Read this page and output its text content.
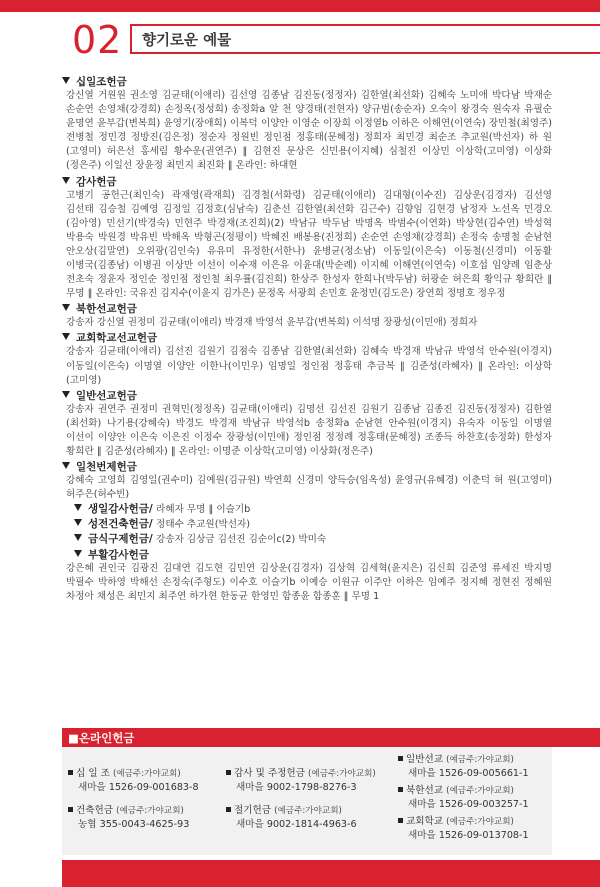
02 향기로운 예물
십일조헌금
강신열 거원원 권소영 김균태(이애리) 김선영 김종남 김진동(정정자) 김한열(최선화) 김혜숙 노미애 박다남 박재순 손순연 손영채(강경희) 손정옥(정성희) 송정화a 알 천 양경태(전현자) 양규범(송순자) 오숙이 왕경숙 원숙자 유필순 윤명연 윤부갑(변복희) 윤영기(장애희) 이복덕 이양안 이영순 이장희 이정열b 이하은 이해연(이연숙) 장민철(최영주) 전병철 정민경 정방진(김은정) 정순자 정원빈 정인점 정홍태(문혜정) 정희자 최민경 최순조 추교원(박선자) 하 원(고영미) 허은선 홍세림 황수운(권연주) ‖ 김현진 문상은 신민용(이지혜) 심철진 이상민 이상학(고미영) 이상화(정은주) 이일선 장윤정 최민지 최진화 ‖ 온라인: 하대현
감사헌금
고병기 공헌근(최인숙) 곽재영(곽재희) 김경철(서화령) 김균태(이애리) 김대형(이수진) 김상운(김경자) 김선영 김선태 김승철 김예영 김정일 김정호(심남숙) 김춘선 김한열(최선화 김근수) 김향임 김현경 남정자 노선옥 민경오(김아영) 민선기(박경숙) 민현주 박경재(조진희)(2) 박남규 박두남 박명옥 박범수(이연화) 박상현(김수연) 박성혁 박용숙 박원경 박유빈 박해옥 박형곤(정평이) 박혜진 배봉용(진정희) 손순연 손영채(강경희) 손정숙 송명철 순남현 안오상(김말연) 오위광(김인숙) 유유미 유정한(서한나) 윤병균(정소남) 이동일(이은숙) 이동철(신경미) 이동활 이병국(김종남) 이병권 이상만 이선이 이수재 이은유 이윤대(박순례) 이지혜 이해연(이연숙) 이호섭 임양례 임춘상 전초숙 정윤자 정인순 정인점 정인철 최우률(김진희) 한상주 한성자 한희나(박두남) 허광순 허은희 황익규 황희란 ‖ 무명 ‖ 온라인: 국유진 김지수(이윤지 김가은) 문정옥 서광희 손민호 윤정민(김도은) 장연희 정명호 정우정
북한선교헌금
강송자 강신열 권정미 김균태(이애리) 박경재 박영석 윤부갑(변복희) 이석명 장광성(이민애) 정희자
교회학교선교헌금
강송자 김균태(이애리) 김선진 김원기 김점숙 김종남 김한열(최선화) 김혜숙 박경재 박남규 박영석 안수원(이경지) 이동일(이은숙) 이명열 이양안 이한나(이민우) 임명일 정인점 정홍태 추금복 ‖ 김준성(라혜자) ‖ 온라인: 이상학(고미영)
일반선교헌금
강송자 권연주 권정미 권혁민(정정옥) 김균태(이애리) 김명선 김선진 김원기 김종남 김종진 김진동(정정자) 김한열(최선화) 나기용(강혜숙) 박경도 박경재 박남규 박영석b 송정화a 순남현 안수원(이경지) 유숙자 이동일 이명열 이선이 이양안 이은숙 이은진 이정수 장광성(이민애) 정인점 정정례 정홍태(문혜정) 조종득 하찬호(송정화) 한성자 황희란 ‖ 김준성(라혜자) ‖ 온라인: 이명준 이상학(고미영) 이상화(정은주)
일천번제헌금
강혜숙 고영희 김영일(권수미) 김예원(김규원) 박연희 신경미 양득승(임옥성) 윤영규(유혜경) 이춘덕 허 원(고영미) 허주은(허수빈)
생일감사헌금/ 라혜자 무명 ‖ 이슬기b
성전건축헌금/ 정태수 추교원(박선자)
금식구제헌금/ 강송자 김상금 김선진 김순이c(2) 박미숙
부활감사헌금
강은혜 권인국 김광진 김대연 김도현 김민연 김상운(김경자) 김상혁 김세혁(윤지은) 김신희 김준영 류세진 박지명 박필수 박하영 박해선 손정숙(주형도) 이수호 이슬기b 이예승 이원규 이주안 이하은 임예주 정지혜 정현진 정혜원 차정아 채성은 최민지 최주연 하가현 한동균 한영민 함종윤 함종훈 ‖ 무명 1
■온라인헌금
십 일 조 (예금주:가야교회)
새마을 1526-09-001683-8
건축헌금 (예금주:가야교회)
농협 355-0043-4625-93
감사 및 주정헌금 (예금주:가야교회)
새마을 9002-1798-8276-3
절기헌금 (예금주:가야교회)
새마을 9002-1814-4963-6
일반선교 (예금주:가야교회)
새마을 1526-09-005661-1
북한선교 (예금주:가야교회)
새마을 1526-09-003257-1
교회학교 (예금주:가야교회)
새마을 1526-09-013708-1
